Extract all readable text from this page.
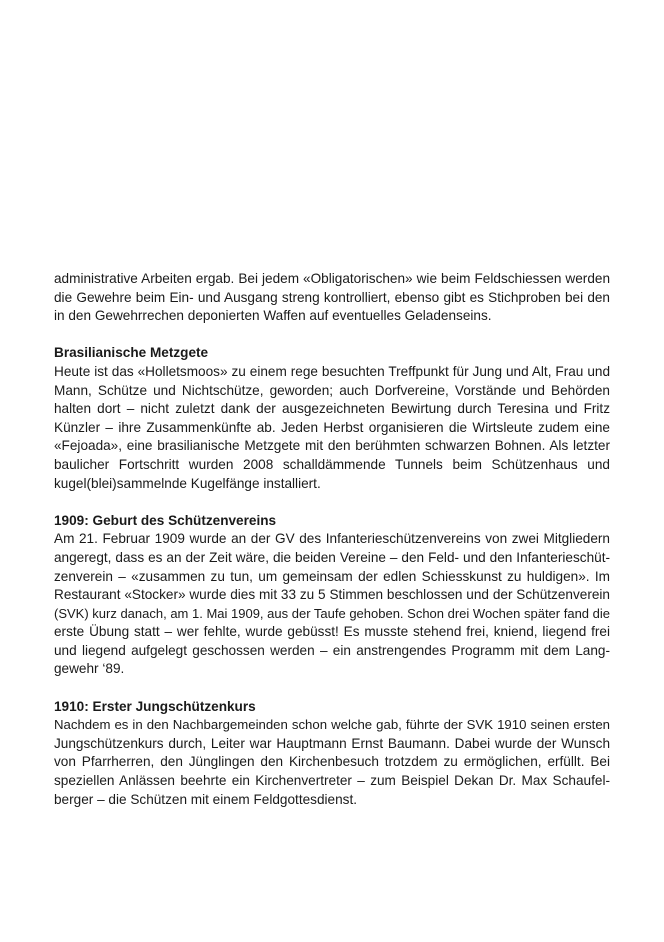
administrative Arbeiten ergab. Bei jedem «Obligatorischen» wie beim Feldschiessen werden
die Gewehre beim Ein- und Ausgang streng kontrolliert, ebenso gibt es Stichproben bei den
in den Gewehrrechen deponierten Waffen auf eventuelles Geladenseins.
Brasilianische Metzgete
Heute ist das «Holletsmoos» zu einem rege besuchten Treffpunkt für Jung und Alt, Frau und
Mann, Schütze und Nichtschütze, geworden; auch Dorfvereine, Vorstände und Behörden
halten dort – nicht zuletzt dank der ausgezeichneten Bewirtung durch Teresina und Fritz
Künzler – ihre Zusammenkünfte ab. Jeden Herbst organisieren die Wirtsleute zudem eine
«Fejoada», eine brasilianische Metzgete mit den berühmten schwarzen Bohnen. Als letzter
baulicher Fortschritt wurden 2008 schalldämmende Tunnels beim Schützenhaus und
kugel(blei)sammelnde Kugelfänge installiert.
1909: Geburt des Schützenvereins
Am 21. Februar 1909 wurde an der GV des Infanterieschützenvereins von zwei Mitgliedern
angeregt, dass es an der Zeit wäre, die beiden Vereine – den Feld- und den Infanterieschüt-
zenverein – «zusammen zu tun, um gemeinsam der edlen Schiesskunst zu huldigen». Im
Restaurant «Stocker» wurde dies mit 33 zu 5 Stimmen beschlossen und der Schützenverein
(SVK) kurz danach, am 1. Mai 1909, aus der Taufe gehoben. Schon drei Wochen später fand die
erste Übung statt – wer fehlte, wurde gebüsst! Es musste stehend frei, kniend, liegend frei
und liegend aufgelegt geschossen werden – ein anstrengendes Programm mit dem Lang-
gewehr ‘89.
1910: Erster Jungschützenkurs
Nachdem es in den Nachbargemeinden schon welche gab, führte der SVK 1910 seinen ersten
Jungschützenkurs durch, Leiter war Hauptmann Ernst Baumann. Dabei wurde der Wunsch
von Pfarrherren, den Jünglingen den Kirchenbesuch trotzdem zu ermöglichen, erfüllt. Bei
speziellen Anlässen beehrte ein Kirchenvertreter – zum Beispiel Dekan Dr. Max Schaufel-
berger – die Schützen mit einem Feldgottesdienst.
